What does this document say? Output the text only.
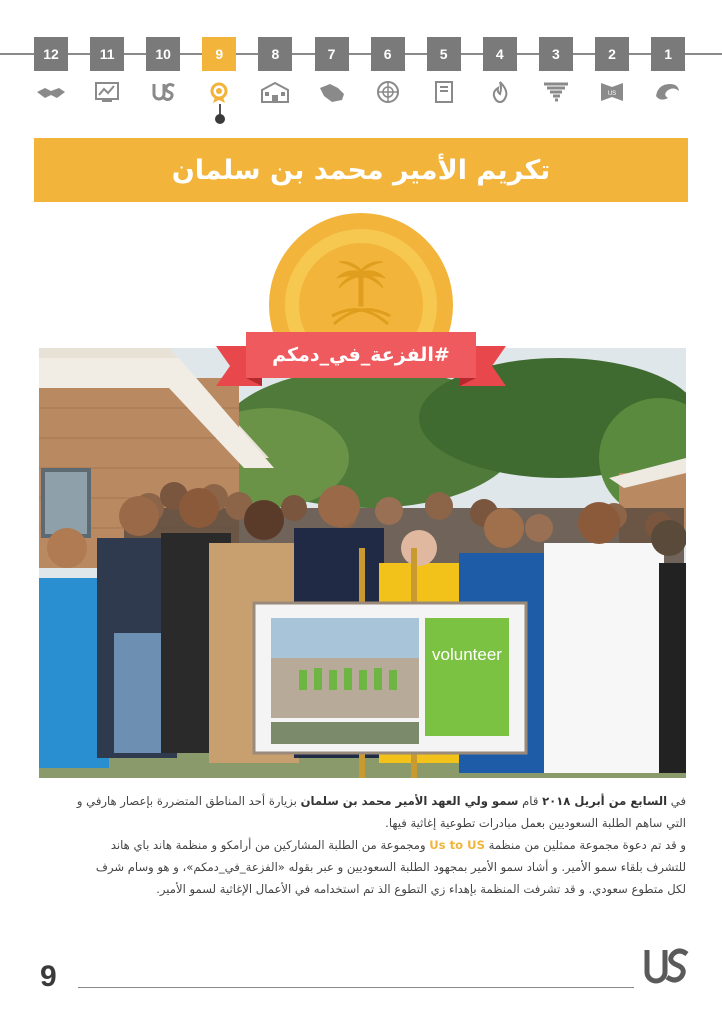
12	11	10	9	8	7	6	5	4	3	2
US
1
تكريم الأمير محمد بن سلمان
volunteer
#الفزعة_في_دمكم

في السابع من أبريل ٢٠١٨ قام سمو ولي العهد الأمير محمد بن سلمان بزيارة أحد المناطق المتضررة بإعصار هارفي و التي ساهم الطلبة السعوديين بعمل مبادرات تطوعية إغاثية فيها.

و قد تم دعوة مجموعة ممثلين من منظمة Us to US ومجموعة من الطلبة المشاركين من أرامكو و منظمة هاند باي هاند للتشرف بلقاء سمو الأمير. و أشاد سمو الأمير بمجهود الطلبة السعوديين و عبر بقوله «الفزعة_في_دمكم»، و هو وسام شرف لكل متطوع سعودي. و قد تشرفت المنظمة بإهداء زي التطوع الذ تم استخدامه في الأعمال الإغاثية لسمو الأمير.

9
